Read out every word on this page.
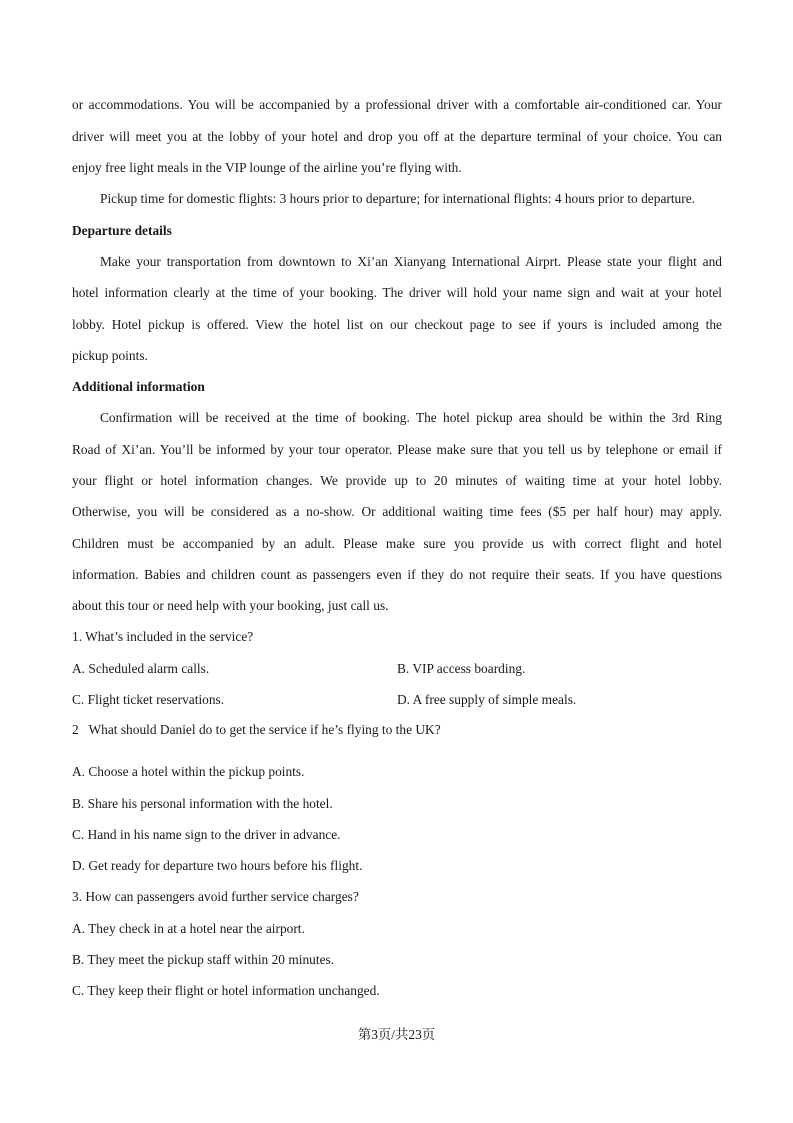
or accommodations. You will be accompanied by a professional driver with a comfortable air-conditioned car. Your
driver will meet you at the lobby of your hotel and drop you off at the departure terminal of your choice. You can
enjoy free light meals in the VIP lounge of the airline you’re flying with.
Pickup time for domestic flights: 3 hours prior to departure; for international flights: 4 hours prior to departure.
Departure details
Make your transportation from downtown to Xi’an Xianyang International Airprt. Please state your flight and
hotel information clearly at the time of your booking. The driver will hold your name sign and wait at your hotel
lobby. Hotel pickup is offered. View the hotel list on our checkout page to see if yours is included among the
pickup points.
Additional information
Confirmation will be received at the time of booking. The hotel pickup area should be within the 3rd Ring
Road of Xi’an. You’ll be informed by your tour operator. Please make sure that you tell us by telephone or email if
your flight or hotel information changes. We provide up to 20 minutes of waiting time at your hotel lobby.
Otherwise, you will be considered as a no-show. Or additional waiting time fees ($5 per half hour) may apply.
Children must be accompanied by an adult. Please make sure you provide us with correct flight and hotel
information. Babies and children count as passengers even if they do not require their seats. If you have questions
about this tour or need help with your booking, just call us.
1. What’s included in the service?
A. Scheduled alarm calls.	B. VIP access boarding.
C. Flight ticket reservations.	D. A free supply of simple meals.
2   What should Daniel do to get the service if he’s flying to the UK?
A. Choose a hotel within the pickup points.
B. Share his personal information with the hotel.
C. Hand in his name sign to the driver in advance.
D. Get ready for departure two hours before his flight.
3. How can passengers avoid further service charges?
A. They check in at a hotel near the airport.
B. They meet the pickup staff within 20 minutes.
C. They keep their flight or hotel information unchanged.
第3页/共23页
